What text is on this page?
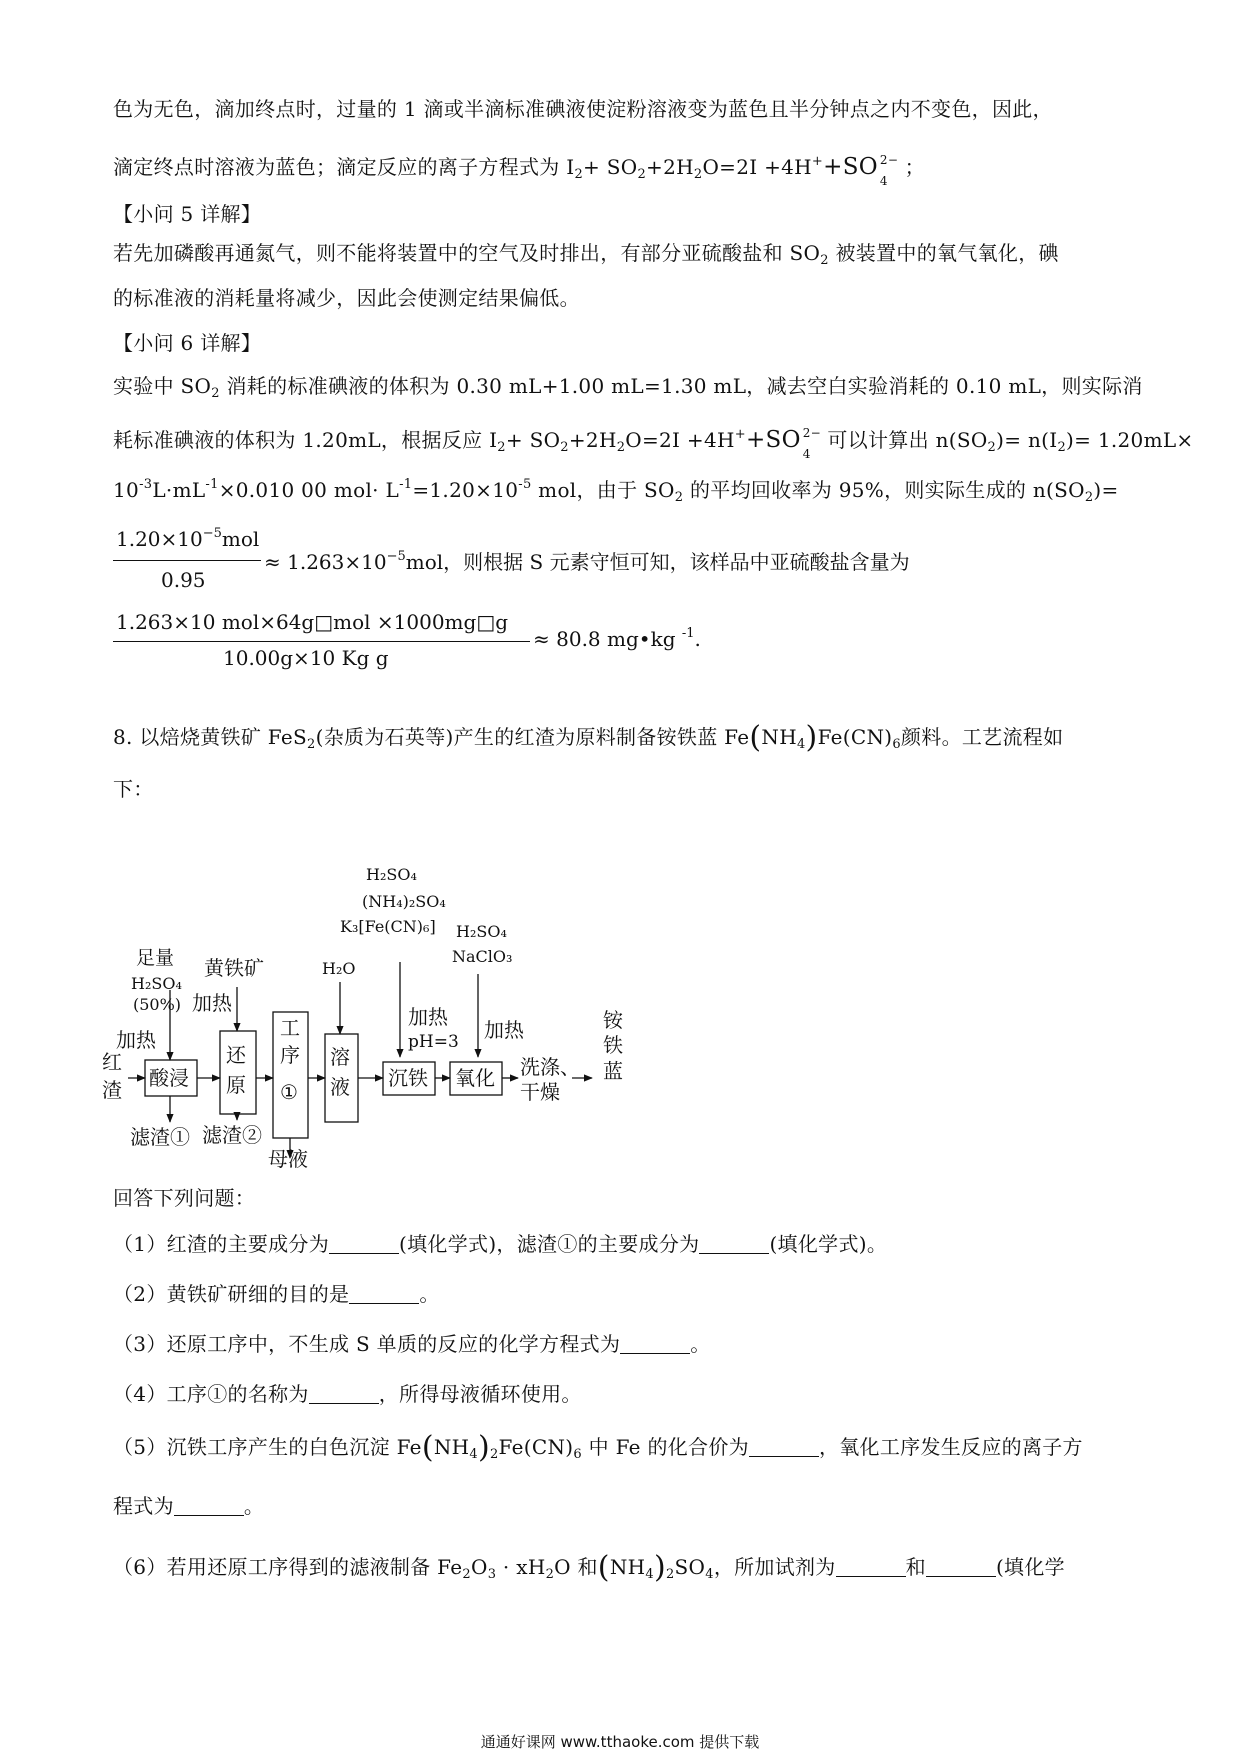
色为无色，滴加终点时，过量的 1 滴或半滴标准碘液使淀粉溶液变为蓝色且半分钟点之内不变色，因此，
滴定终点时溶液为蓝色；滴定反应的离子方程式为 $I_2+ SO_2+2H_2O=2I +4H^++SO$ 2−
4
；
【小问 5 详解】
若先加磷酸再通氮气，则不能将装置中的空气及时排出，有部分亚硫酸盐和 $SO_2$ 被装置中的氧气氧化，碘
的标准液的消耗量将减少，因此会使测定结果偏低。
【小问 6 详解】
实验中 $SO_2$ 消耗的标准碘液的体积为 0.30 mL+1.00 mL=1.30 mL，减去空白实验消耗的 0.10 mL，则实际消
耗标准碘液的体积为 1.20mL，根据反应 $I_2+ SO_2+2H_2O=2I +4H^++SO$ 2−
4
可以计算出 $n(SO_2)= n(I_2)= 1.20mL\times$
$10^{-3}L\cdot mL^{-1}\times 0.010$ 00 $mol\cdot L^{-1}=1.20\times 10^{-5}$ mol，由于 $SO_2$ 的平均回收率为 95%，则实际生成的 $n(SO_2)=$
$1.20\times 10^{-5}mol$
0.95
≈ $1.263\times 10^{-5}mol$，则根据 S 元素守恒可知，该样品中亚硫酸盐含量为
1.263×10 mol×64g□mol ×1000mg□g
10.00g×10 Kg g
≈ 80.8 mg•kg $^{-1}$.
8. 以焙烧黄铁矿 FeS$_2$(杂质为石英等)产生的红渣为原料制备铵铁蓝 $Fe(NH_4)Fe(CN)_6$颜料。工艺流程如
下：
红
渣
足量
H₂SO₄
(50%)
加热
酸浸
滤渣①
黄铁矿
加热
还
原
滤渣②
工
序
①
母液
H₂O
溶
液
H₂SO₄
(NH₄)₂SO₄
K₃[Fe(CN)₆]
加热
pH=3
沉铁
H₂SO₄
NaClO₃
加热
氧化 洗涤、
干燥
铵
铁
蓝
回答下列问题：
（1）红渣的主要成分为	(填化学式)，滤渣①的主要成分为	(填化学式)。
（2）黄铁矿研细的目的是	。
（3）还原工序中，不生成 S 单质的反应的化学方程式为	。
（4）工序①的名称为	，所得母液循环使用。
（5）沉铁工序产生的白色沉淀 $Fe(NH_4)_2Fe(CN)_6$ 中 Fe 的化合价为	，氧化工序发生反应的离子方
程式为	。
（6）若用还原工序得到的滤液制备 $Fe_2O_3 \cdot xH_2O$ 和$(NH_4)_2SO_4$，所加试剂为	和	(填化学
通通好课网 www.tthaoke.com 提供下载
